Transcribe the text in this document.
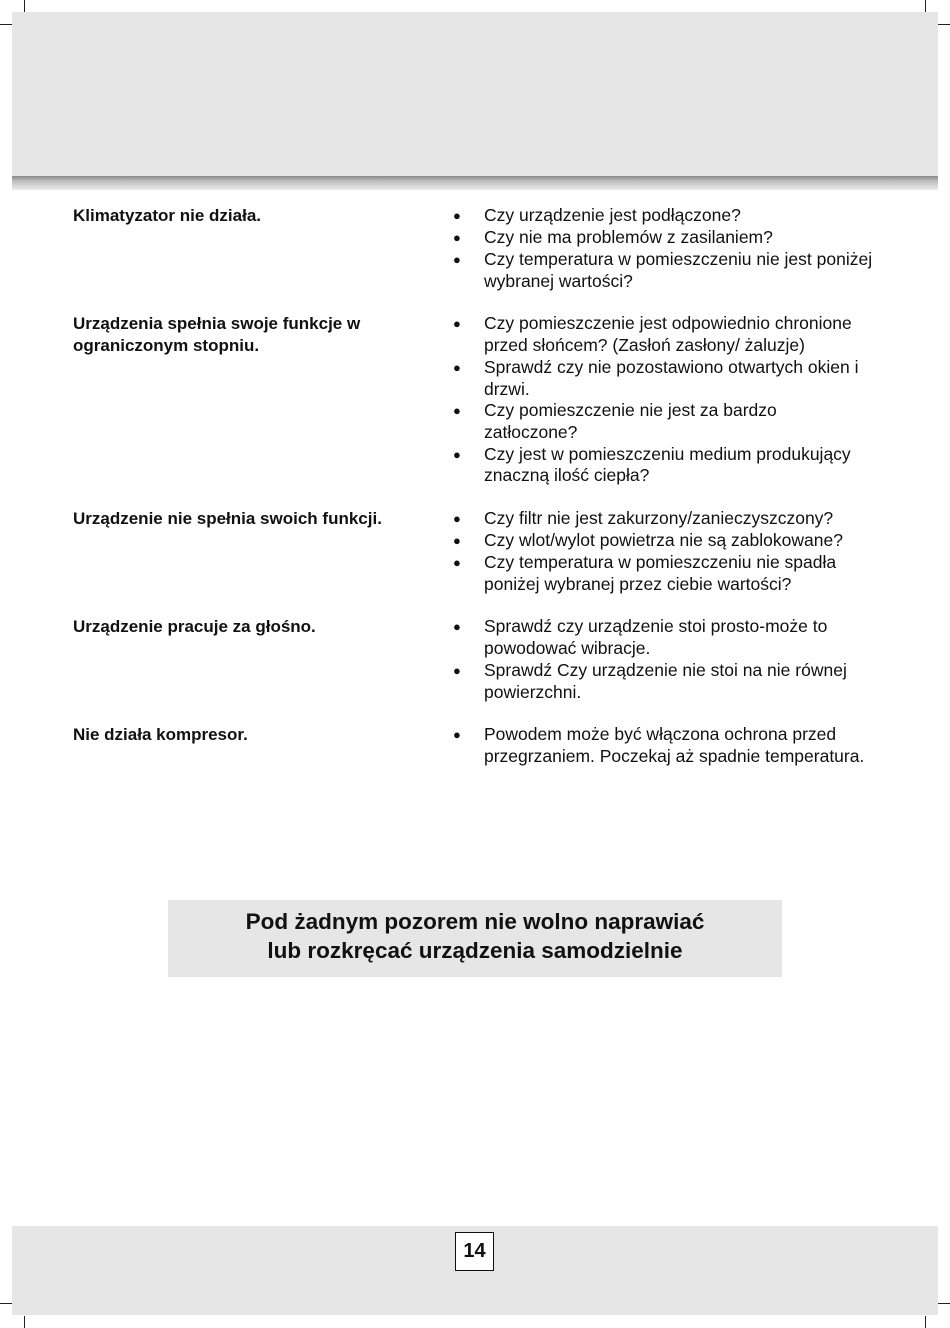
Klimatyzator nie działa.	●	Czy urządzenie jest podłączone?
●	Czy nie ma problemów z zasilaniem?
●	Czy temperatura w pomieszczeniu nie jest poniżej wybranej wartości?
Urządzenia spełnia swoje funkcje w ograniczonym stopniu.
●	Czy pomieszczenie jest odpowiednio chronione przed słońcem? (Zasłoń zasłony/ żaluzje)
●	Sprawdź czy nie pozostawiono otwartych okien i drzwi.
●	Czy pomieszczenie nie jest za bardzo zatłoczone?
●	Czy jest w pomieszczeniu medium produkujący znaczną ilość ciepła?
Urządzenie nie spełnia swoich funkcji.	●	Czy filtr nie jest zakurzony/zanieczyszczony?
●	Czy wlot/wylot powietrza nie są zablokowane?
●	Czy temperatura w pomieszczeniu nie spadła poniżej wybranej przez ciebie wartości?
Urządzenie pracuje za głośno.	●	Sprawdź czy urządzenie stoi prosto-może to powodować wibracje.
●	Sprawdź Czy urządzenie nie stoi na nie równej powierzchni.
Nie działa kompresor.	●	Powodem może być włączona ochrona przed przegrzaniem. Poczekaj aż spadnie temperatura.
Pod żadnym pozorem nie wolno naprawiać
lub rozkręcać urządzenia samodzielnie
14
